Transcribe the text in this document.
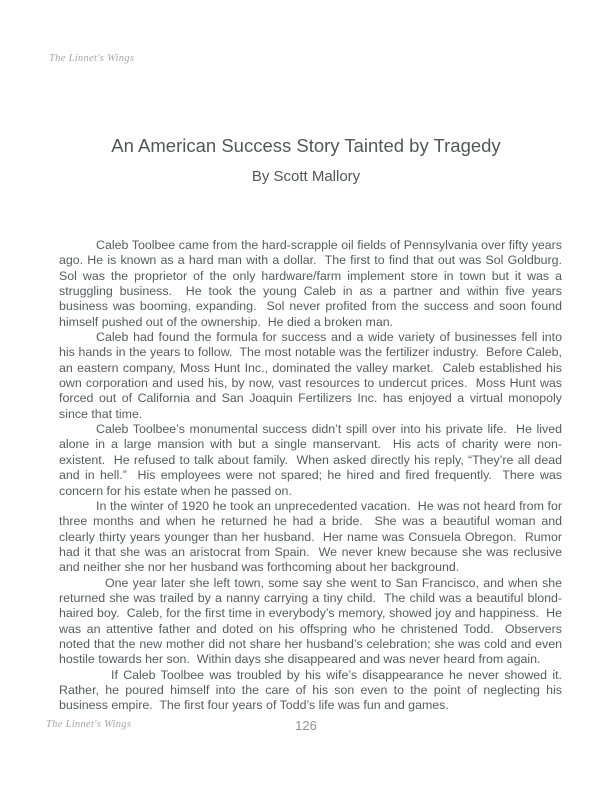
The Linnet's Wings
An American Success Story Tainted by Tragedy
By Scott Mallory

Caleb Toolbee came from the hard-scrapple oil fields of Pennsylvania over fifty years ago. He is known as a hard man with a dollar.  The first to find that out was Sol Goldburg.  Sol was the proprietor of the only hardware/farm implement store in town but it was a struggling business.  He took the young Caleb in as a partner and within five years business was booming, expanding.  Sol never profited from the success and soon found himself pushed out of the ownership.  He died a broken man.

Caleb had found the formula for success and a wide variety of businesses fell into his hands in the years to follow.  The most notable was the fertilizer industry.  Before Caleb, an eastern company, Moss Hunt Inc., dominated the valley market.  Caleb established his own corporation and used his, by now, vast resources to undercut prices.  Moss Hunt was forced out of California and San Joaquin Fertilizers Inc. has enjoyed a virtual monopoly since that time.

Caleb Toolbee’s monumental success didn’t spill over into his private life.  He lived alone in a large mansion with but a single manservant.  His acts of charity were non-existent.  He refused to talk about family.  When asked directly his reply, “They’re all dead and in hell.”  His employees were not spared; he hired and fired frequently.  There was concern for his estate when he passed on.

In the winter of 1920 he took an unprecedented vacation.  He was not heard from for three months and when he returned he had a bride.  She was a beautiful woman and clearly thirty years younger than her husband.  Her name was Consuela Obregon.  Rumor had it that she was an aristocrat from Spain.  We never knew because she was reclusive and neither she nor her husband was forthcoming about her background.

One year later she left town, some say she went to San Francisco, and when she returned she was trailed by a nanny carrying a tiny child.  The child was a beautiful blond-haired boy.  Caleb, for the first time in everybody’s memory, showed joy and happiness.  He was an attentive father and doted on his offspring who he christened Todd.  Observers noted that the new mother did not share her husband’s celebration; she was cold and even hostile towards her son.  Within days she disappeared and was never heard from again.

If Caleb Toolbee was troubled by his wife’s disappearance he never showed it.  Rather, he poured himself into the care of his son even to the point of neglecting his business empire.  The first four years of Todd’s life was fun and games.

The Linnet's Wings	126
